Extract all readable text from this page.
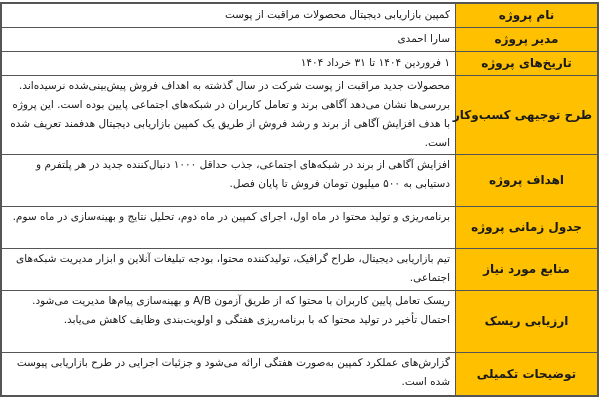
نام پروژه	کمپین بازاریابی دیجیتال محصولات مراقبت از پوست
مدیر پروژه	سارا احمدی
تاریخ‌های پروژه	۱ فروردین ۱۴۰۴ تا ۳۱ خرداد ۱۴۰۴
طرح توجیهی کسب‌وکار	محصولات جدید مراقبت از پوست شرکت در سال گذشته به اهداف فروش پیش‌بینی‌شده نرسیده‌اند. بررسی‌ها نشان می‌دهد آگاهی برند و تعامل کاربران در شبکه‌های اجتماعی پایین بوده است. این پروژه با هدف افزایش آگاهی از برند و رشد فروش از طریق یک کمپین بازاریابی دیجیتال هدفمند تعریف شده است.
اهداف پروژه	افزایش آگاهی از برند در شبکه‌های اجتماعی، جذب حداقل ۱۰۰۰ دنبال‌کننده جدید در هر پلتفرم و دستیابی به ۵۰۰ میلیون تومان فروش تا پایان فصل.
جدول زمانی پروژه	برنامه‌ریزی و تولید محتوا در ماه اول، اجرای کمپین در ماه دوم، تحلیل نتایج و بهینه‌سازی در ماه سوم.
منابع مورد نیاز	تیم بازاریابی دیجیتال، طراح گرافیک، تولیدکننده محتوا، بودجه تبلیغات آنلاین و ابزار مدیریت شبکه‌های اجتماعی.
ارزیابی ریسک	ریسک تعامل پایین کاربران با محتوا که از طریق آزمون A/B و بهینه‌سازی پیام‌ها مدیریت می‌شود. احتمال تأخیر در تولید محتوا که با برنامه‌ریزی هفتگی و اولویت‌بندی وظایف کاهش می‌یابد.
توضیحات تکمیلی	گزارش‌های عملکرد کمپین به‌صورت هفتگی ارائه می‌شود و جزئیات اجرایی در طرح بازاریابی پیوست شده است.
